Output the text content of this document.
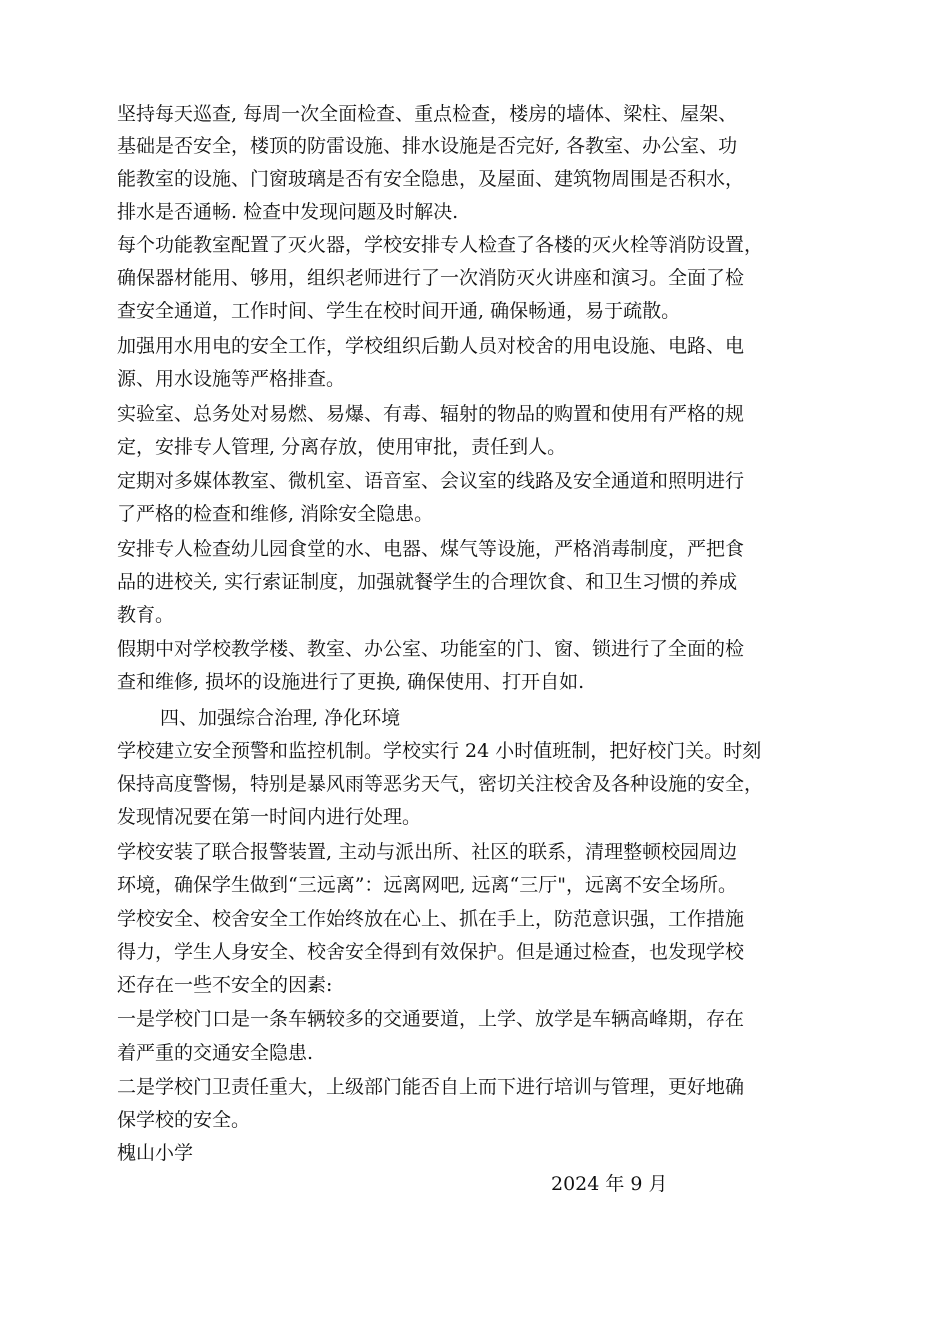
坚持每天巡查, 每周一次全面检查、重点检查，楼房的墙体、梁柱、屋架、
基础是否安全，楼顶的防雷设施、排水设施是否完好, 各教室、办公室、功
能教室的设施、门窗玻璃是否有安全隐患，及屋面、建筑物周围是否积水，
排水是否通畅. 检查中发现问题及时解决.
每个功能教室配置了灭火器，学校安排专人检查了各楼的灭火栓等消防设置，
确保器材能用、够用，组织老师进行了一次消防灭火讲座和演习。全面了检
查安全通道，工作时间、学生在校时间开通, 确保畅通，易于疏散。
加强用水用电的安全工作，学校组织后勤人员对校舍的用电设施、电路、电
源、用水设施等严格排查。
实验室、总务处对易燃、易爆、有毒、辐射的物品的购置和使用有严格的规
定，安排专人管理, 分离存放，使用审批，责任到人。
定期对多媒体教室、微机室、语音室、会议室的线路及安全通道和照明进行
了严格的检查和维修, 消除安全隐患。
安排专人检查幼儿园食堂的水、电器、煤气等设施，严格消毒制度，严把食
品的进校关, 实行索证制度，加强就餐学生的合理饮食、和卫生习惯的养成
教育。
假期中对学校教学楼、教室、办公室、功能室的门、窗、锁进行了全面的检
查和维修, 损坏的设施进行了更换, 确保使用、打开自如.
四、加强综合治理, 净化环境
学校建立安全预警和监控机制。学校实行 24 小时值班制，把好校门关。时刻
保持高度警惕，特别是暴风雨等恶劣天气，密切关注校舍及各种设施的安全，
发现情况要在第一时间内进行处理。
学校安装了联合报警装置, 主动与派出所、社区的联系，清理整顿校园周边
环境，确保学生做到“三远离”：远离网吧, 远离“三厅"，远离不安全场所。
学校安全、校舍安全工作始终放在心上、抓在手上，防范意识强，工作措施
得力，学生人身安全、校舍安全得到有效保护。但是通过检查，也发现学校
还存在一些不安全的因素:
一是学校门口是一条车辆较多的交通要道，上学、放学是车辆高峰期，存在
着严重的交通安全隐患.
二是学校门卫责任重大，上级部门能否自上而下进行培训与管理，更好地确
保学校的安全。
槐山小学
2024 年 9 月
